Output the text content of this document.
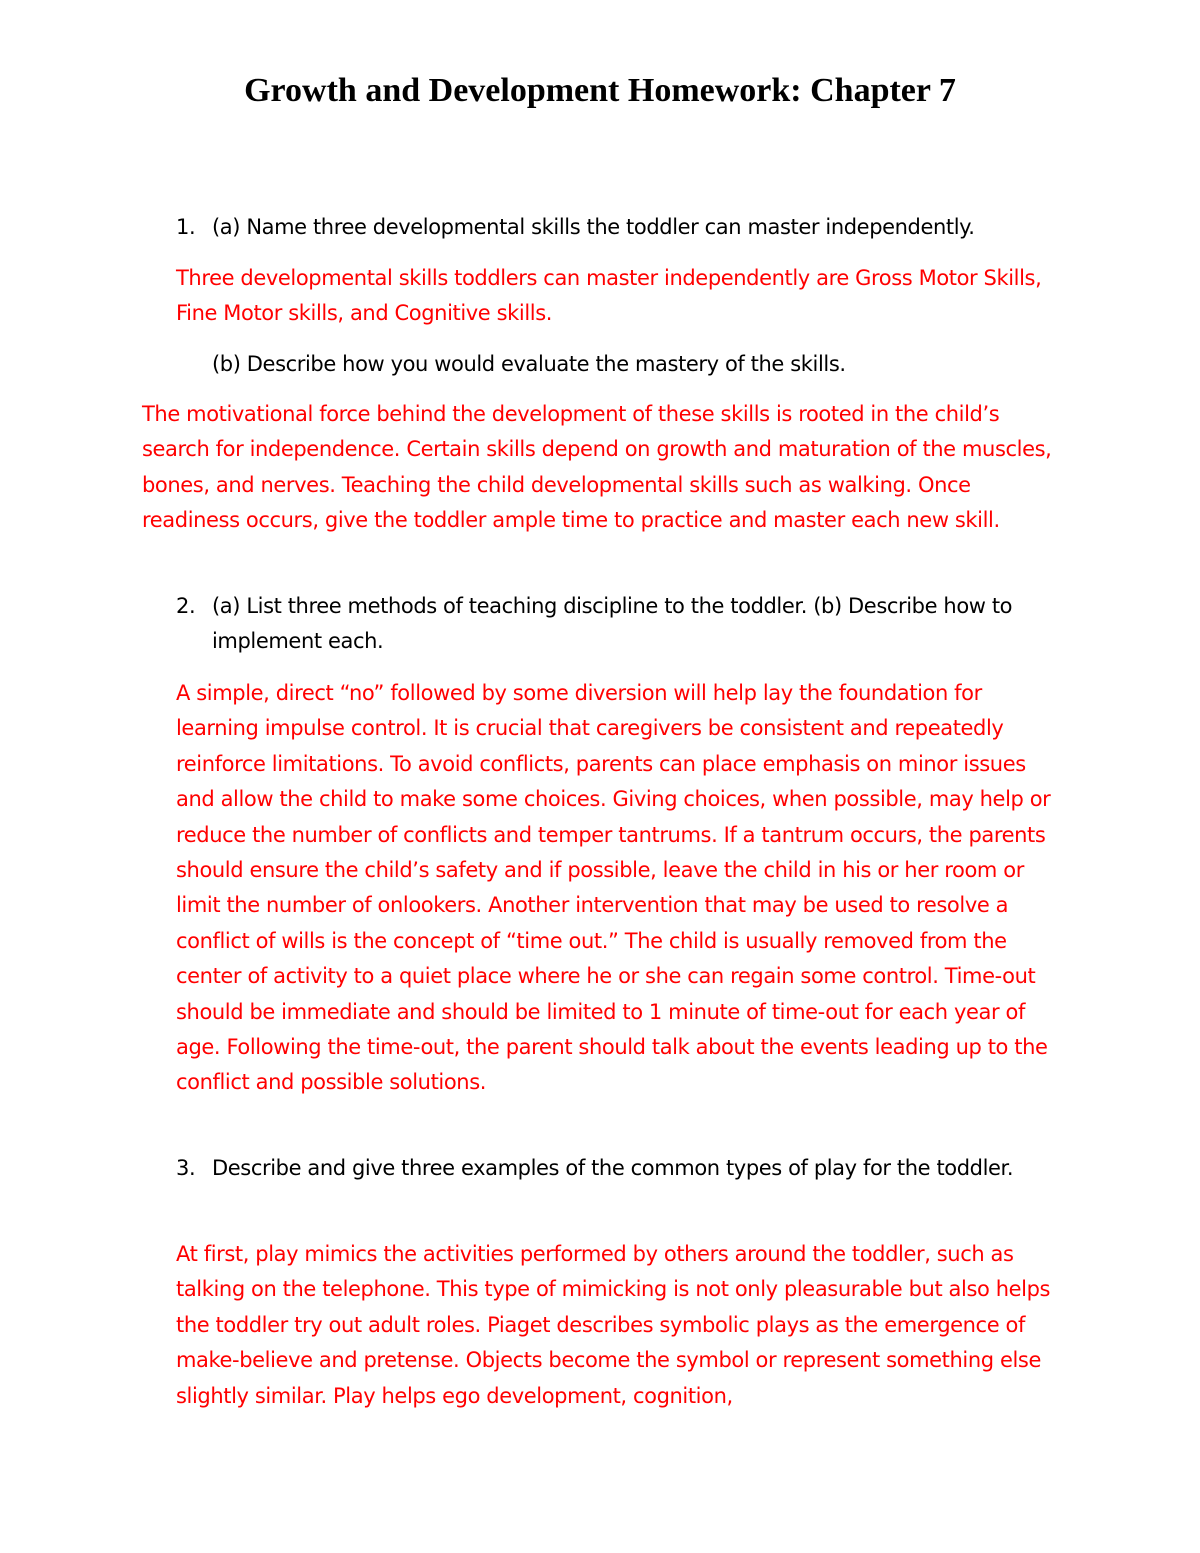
Growth and Development Homework: Chapter 7
1. (a) Name three developmental skills the toddler can master independently.

Three developmental skills toddlers can master independently are Gross Motor Skills, Fine Motor skills, and Cognitive skills.

(b) Describe how you would evaluate the mastery of the skills.

The motivational force behind the development of these skills is rooted in the child’s search for independence. Certain skills depend on growth and maturation of the muscles, bones, and nerves. Teaching the child developmental skills such as walking. Once readiness occurs, give the toddler ample time to practice and master each new skill.

2. (a) List three methods of teaching discipline to the toddler. (b) Describe how to implement each.

A simple, direct “no” followed by some diversion will help lay the foundation for learning impulse control. It is crucial that caregivers be consistent and repeatedly reinforce limitations. To avoid conflicts, parents can place emphasis on minor issues and allow the child to make some choices. Giving choices, when possible, may help or reduce the number of conflicts and temper tantrums. If a tantrum occurs, the parents should ensure the child’s safety and if possible, leave the child in his or her room or limit the number of onlookers. Another intervention that may be used to resolve a conflict of wills is the concept of “time out.” The child is usually removed from the center of activity to a quiet place where he or she can regain some control. Time-out should be immediate and should be limited to 1 minute of time-out for each year of age. Following the time-out, the parent should talk about the events leading up to the conflict and possible solutions.

3. Describe and give three examples of the common types of play for the toddler.

At first, play mimics the activities performed by others around the toddler, such as talking on the telephone. This type of mimicking is not only pleasurable but also helps the toddler try out adult roles. Piaget describes symbolic plays as the emergence of make-believe and pretense. Objects become the symbol or represent something else slightly similar. Play helps ego development, cognition,
